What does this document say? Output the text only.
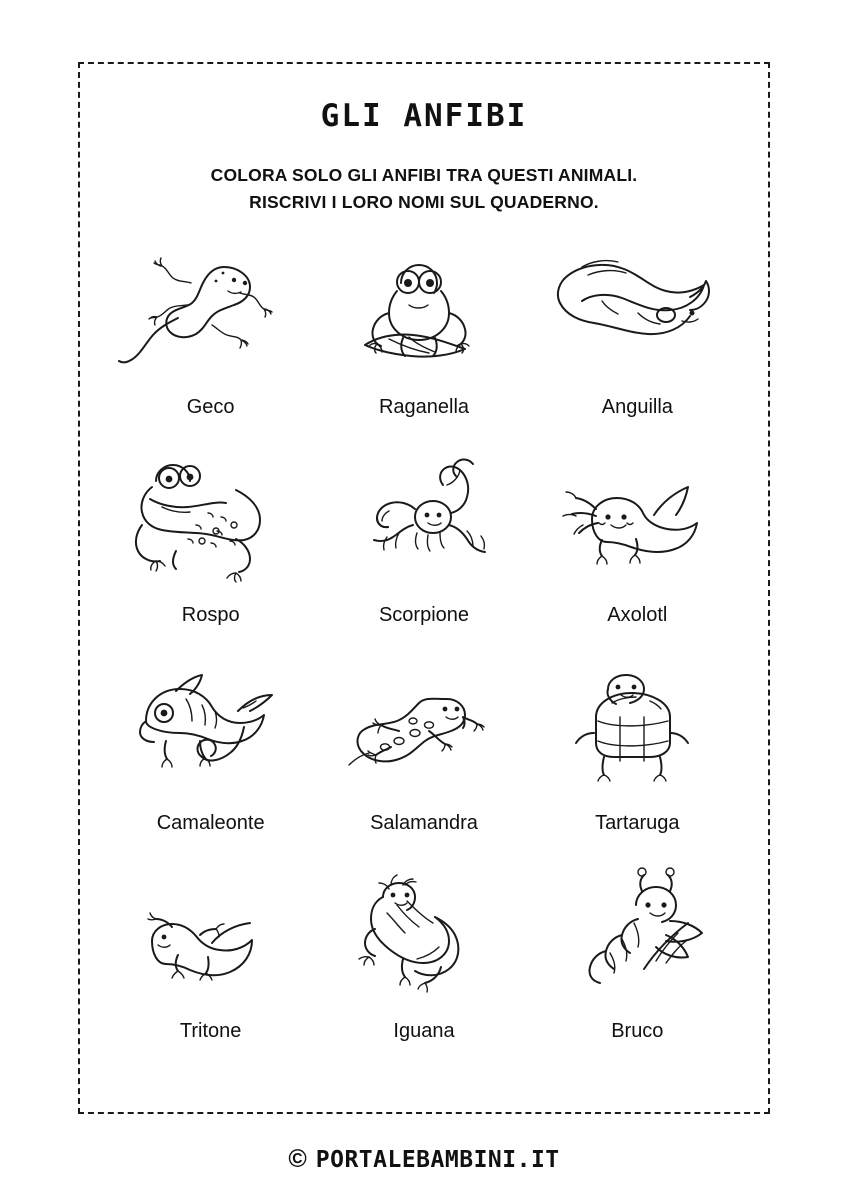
GLI ANFIBI
COLORA SOLO GLI ANFIBI TRA QUESTI ANIMALI.
RISCRIVI I LORO NOMI SUL QUADERNO.
Geco	Raganella	Anguilla
Rospo	Scorpione	Axolotl
Camaleonte	Salamandra	Tartaruga
Tritone	Iguana	Bruco
© PORTALEBAMBINI.IT
